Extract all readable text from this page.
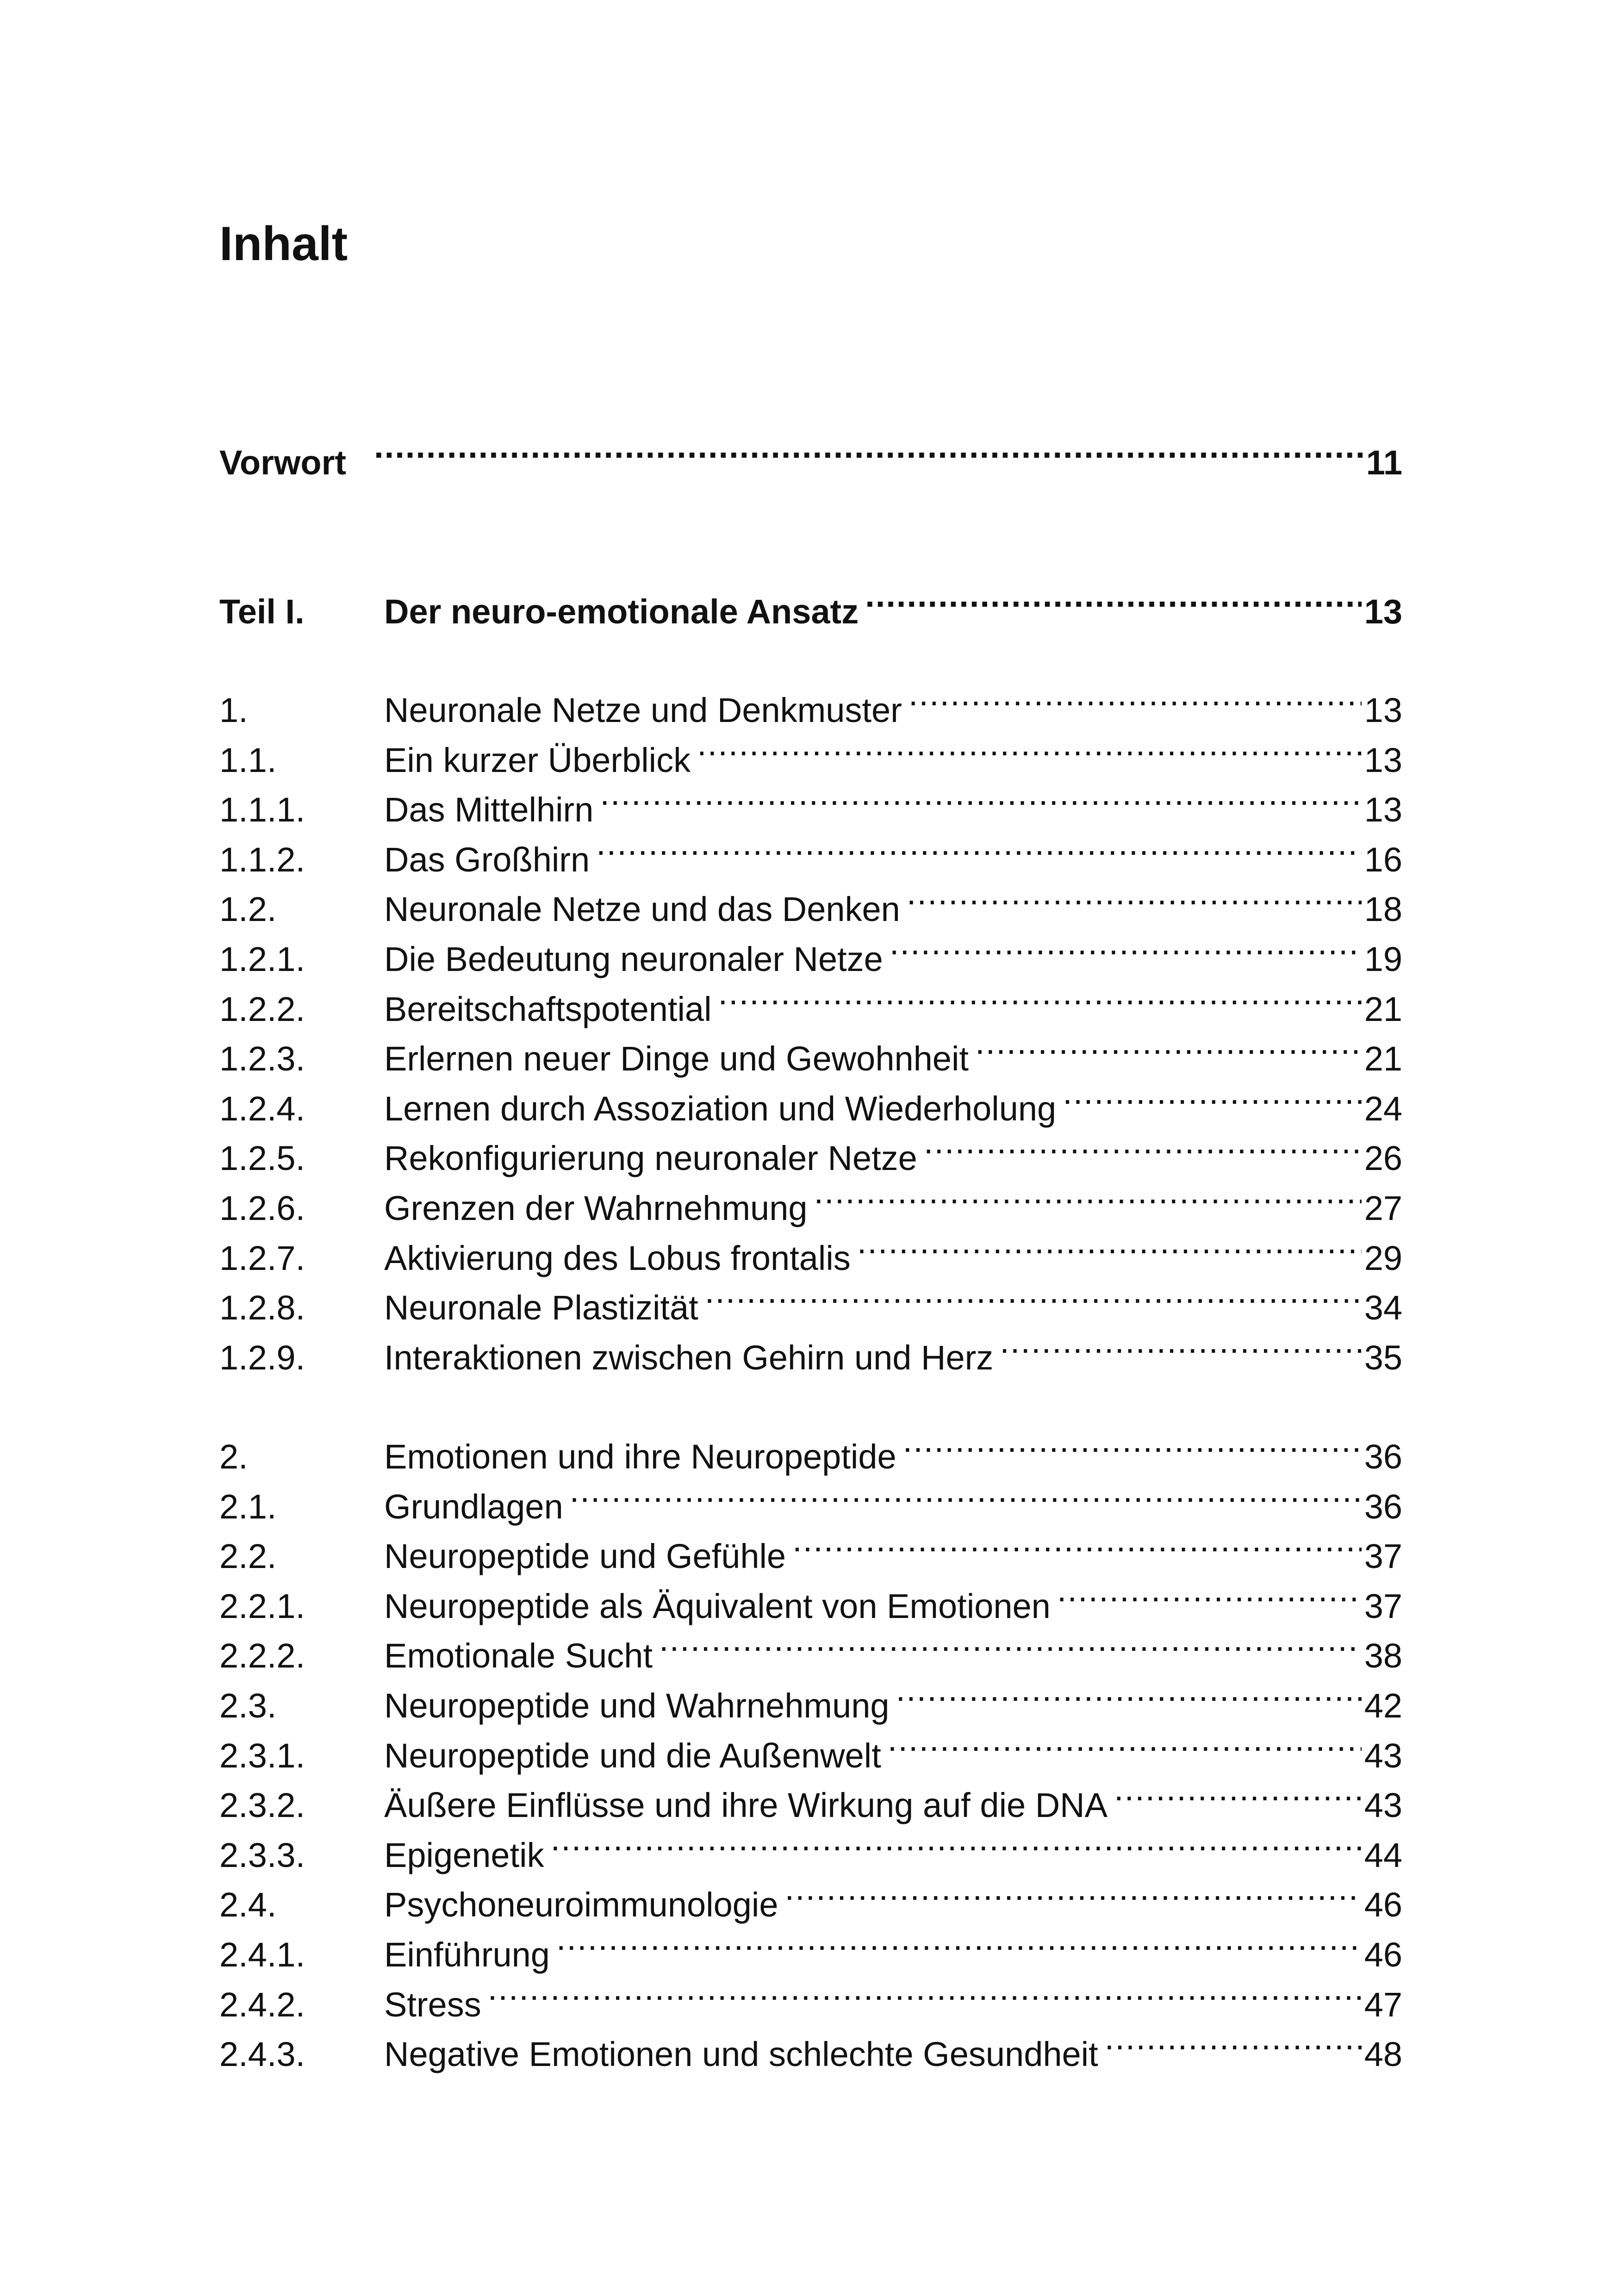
Inhalt
Vorwort .....	11
Teil I.	Der neuro-emotionale Ansatz .....	13
1.	Neuronale Netze und Denkmuster .....	13
1.1.	Ein kurzer Überblick .....	13
1.1.1.	Das Mittelhirn .....	13
1.1.2.	Das Großhirn .....	16
1.2.	Neuronale Netze und das Denken .....	18
1.2.1.	Die Bedeutung neuronaler Netze .....	19
1.2.2.	Bereitschaftspotential .....	21
1.2.3.	Erlernen neuer Dinge und Gewohnheit .....	21
1.2.4.	Lernen durch Assoziation und Wiederholung .....	24
1.2.5.	Rekonfigurierung neuronaler Netze .....	26
1.2.6.	Grenzen der Wahrnehmung .....	27
1.2.7.	Aktivierung des Lobus frontalis .....	29
1.2.8.	Neuronale Plastizität .....	34
1.2.9.	Interaktionen zwischen Gehirn und Herz .....	35
2.	Emotionen und ihre Neuropeptide .....	36
2.1.	Grundlagen .....	36
2.2.	Neuropeptide und Gefühle .....	37
2.2.1.	Neuropeptide als Äquivalent von Emotionen .....	37
2.2.2.	Emotionale Sucht .....	38
2.3.	Neuropeptide und Wahrnehmung .....	42
2.3.1.	Neuropeptide und die Außenwelt .....	43
2.3.2.	Äußere Einflüsse und ihre Wirkung auf die DNA .....	43
2.3.3.	Epigenetik .....	44
2.4.	Psychoneuroimmunologie .....	46
2.4.1.	Einführung .....	46
2.4.2.	Stress .....	47
2.4.3.	Negative Emotionen und schlechte Gesundheit .....	48
